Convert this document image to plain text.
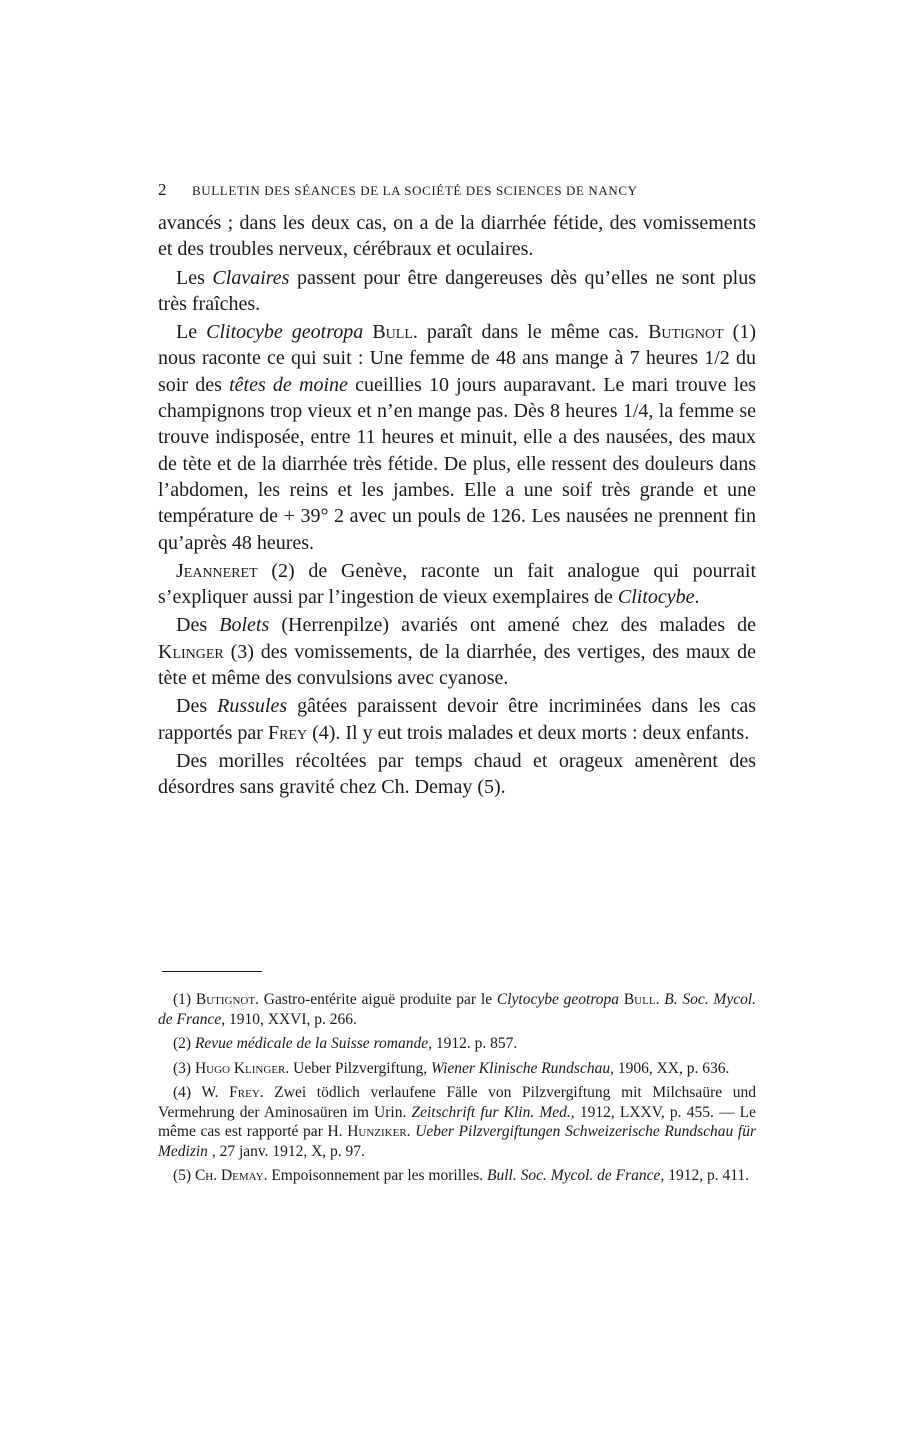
2 BULLETIN DES SÉANCES DE LA SOCIÉTÉ DES SCIENCES DE NANCY

avancés ; dans les deux cas, on a de la diarrhée fétide, des vomissements et des troubles nerveux, cérébraux et oculaires.

Les Clavaires passent pour être dangereuses dès qu’elles ne sont plus très fraîches.

Le Clitocybe geotropa Bull. paraît dans le même cas. Butignot (1) nous raconte ce qui suit : Une femme de 48 ans mange à 7 heures 1/2 du soir des têtes de moine cueillies 10 jours auparavant. Le mari trouve les champignons trop vieux et n’en mange pas. Dès 8 heures 1/4, la femme se trouve indisposée, entre 11 heures et minuit, elle a des nausées, des maux de tète et de la diarrhée très fétide. De plus, elle ressent des douleurs dans l’abdomen, les reins et les jambes. Elle a une soif très grande et une température de + 39° 2 avec un pouls de 126. Les nausées ne prennent fin qu’après 48 heures.

Jeanneret (2) de Genève, raconte un fait analogue qui pourrait s’expliquer aussi par l’ingestion de vieux exemplaires de Clitocybe.

Des Bolets (Herrenpilze) avariés ont amené chez des malades de Klinger (3) des vomissements, de la diarrhée, des vertiges, des maux de tète et même des convulsions avec cyanose.

Des Russules gâtées paraissent devoir être incriminées dans les cas rapportés par Frey (4). Il y eut trois malades et deux morts : deux enfants.

Des morilles récoltées par temps chaud et orageux amenèrent des désordres sans gravité chez Ch. Demay (5).

(1) Butignot. Gastro-entérite aiguë produite par le Clytocybe geotropa Bull. B. Soc. Mycol. de France, 1910, XXVI, p. 266.

(2) Revue médicale de la Suisse romande, 1912. p. 857.

(3) Hugo Klinger. Ueber Pilzvergiftung, Wiener Klinische Rundschau, 1906, XX, p. 636.

(4) W. Frey. Zwei tödlich verlaufene Fälle von Pilzvergiftung mit Milchsaüre und Vermehrung der Aminosaüren im Urin. Zeitschrift fur Klin. Med., 1912, LXXV, p. 455. — Le même cas est rapporté par H. Hunziker. Ueber Pilzvergiftungen Schweizerische Rundschau für Medizin , 27 janv. 1912, X, p. 97.

(5) Ch. Demay. Empoisonnement par les morilles. Bull. Soc. Mycol. de France, 1912, p. 411.
